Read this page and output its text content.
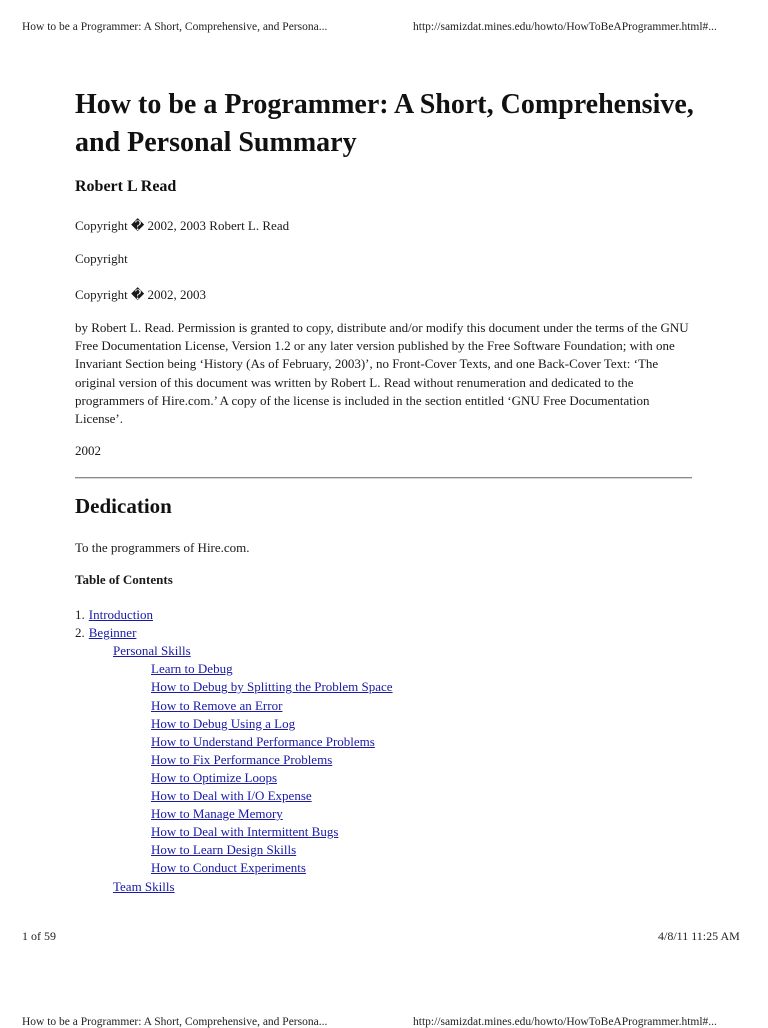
How to be a Programmer: A Short, Comprehensive, and Persona...	http://samizdat.mines.edu/howto/HowToBeAProgrammer.html#...
How to be a Programmer: A Short, Comprehensive, and Personal Summary
Robert L Read
Copyright � 2002, 2003 Robert L. Read
Copyright
Copyright � 2002, 2003
by Robert L. Read. Permission is granted to copy, distribute and/or modify this document under the terms of the GNU Free Documentation License, Version 1.2 or any later version published by the Free Software Foundation; with one Invariant Section being ‘History (As of February, 2003)’, no Front-Cover Texts, and one Back-Cover Text: ‘The original version of this document was written by Robert L. Read without renumeration and dedicated to the programmers of Hire.com.’ A copy of the license is included in the section entitled ‘GNU Free Documentation License’.
2002
Dedication
To the programmers of Hire.com.
Table of Contents
1. Introduction
2. Beginner
Personal Skills
Learn to Debug
How to Debug by Splitting the Problem Space
How to Remove an Error
How to Debug Using a Log
How to Understand Performance Problems
How to Fix Performance Problems
How to Optimize Loops
How to Deal with I/O Expense
How to Manage Memory
How to Deal with Intermittent Bugs
How to Learn Design Skills
How to Conduct Experiments
Team Skills
1 of 59	4/8/11 11:25 AM
How to be a Programmer: A Short, Comprehensive, and Persona...	http://samizdat.mines.edu/howto/HowToBeAProgrammer.html#...
